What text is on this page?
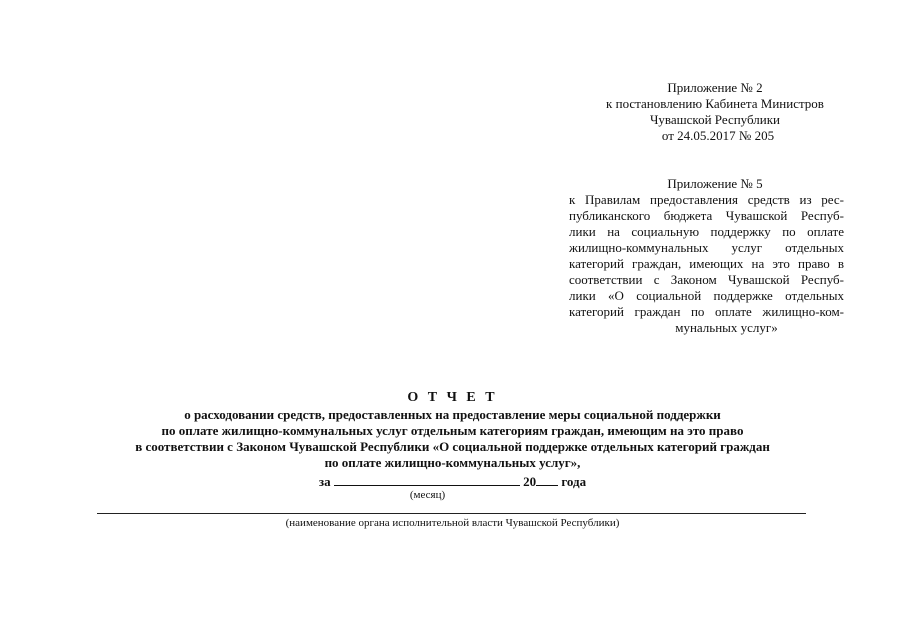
Приложение № 2
к постановлению Кабинета Министров
Чувашской Республики
от 24.05.2017 № 205
Приложение № 5
к Правилам предоставления средств из рес-
публиканского бюджета Чувашской Респуб-
лики на социальную поддержку по оплате
жилищно-коммунальных услуг отдельных
категорий граждан, имеющих на это право в
соответствии с Законом Чувашской Респуб-
лики «О социальной поддержке отдельных
категорий граждан по оплате жилищно-ком-
мунальных услуг»
О Т Ч Е Т
о расходовании средств, предоставленных на предоставление меры социальной поддержки
по оплате жилищно-коммунальных услуг отдельным категориям граждан, имеющим на это право
в соответствии с Законом Чувашской Республики «О социальной поддержке отдельных категорий граждан
по оплате жилищно-коммунальных услуг»,
за	20 года
(месяц)
(наименование органа исполнительной власти Чувашской Республики)
